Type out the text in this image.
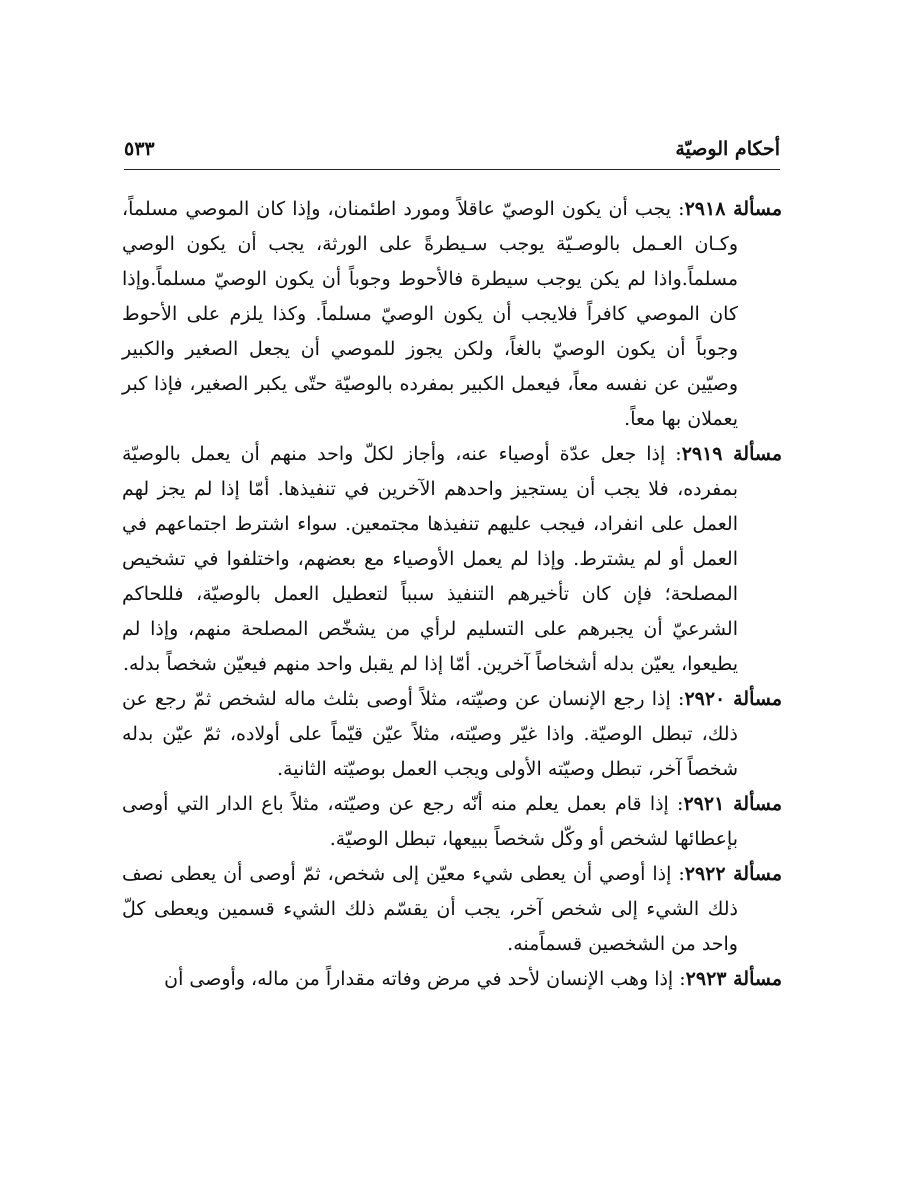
أحكام الوصيّة
٥٣٣

مسألة ٢٩١٨: يجب أن يكون الوصيّ عاقلاً ومورد اطئمنان، وإذا كان الموصي مسلماً، وكـان العـمل بالوصـيّة يوجب سـيطرةً على الورثة، يجب أن يكون الوصي مسلماً.واذا لم يكن يوجب سيطرة فالأحوط وجوباً أن يكون الوصيّ مسلماً.وإذا كان الموصي كافراً فلايجب أن يكون الوصيّ مسلماً. وكذا يلزم على الأحوط وجوباً أن يكون الوصيّ بالغاً، ولكن يجوز للموصي أن يجعل الصغير والكبير وصيّين عن نفسه معاً، فيعمل الكبير بمفرده بالوصيّة حتّى يكبر الصغير، فإذا كبر يعملان بها معاً.

مسألة ٢٩١٩: إذا جعل عدّة أوصياء عنه، وأجاز لكلّ واحد منهم أن يعمل بالوصيّة بمفرده، فلا يجب أن يستجيز واحدهم الآخرين في تنفيذها. أمّا إذا لم يجز لهم العمل على انفراد، فيجب عليهم تنفيذها مجتمعين. سواء اشترط اجتماعهم في العمل أو لم يشترط. وإذا لم يعمل الأوصياء مع بعضهم، واختلفوا في تشخيص المصلحة؛ فإن كان تأخيرهم التنفيذ سبباً لتعطيل العمل بالوصيّة، فللحاكم الشرعيّ أن يجبرهم على التسليم لرأي من يشخّص المصلحة منهم، وإذا لم يطيعوا، يعيّن بدله أشخاصاً آخرين. أمّا إذا لم يقبل واحد منهم فيعيّن شخصاً بدله.

مسألة ٢٩٢٠: إذا رجع الإنسان عن وصيّته، مثلاً أوصى بثلث ماله لشخص ثمّ رجع عن ذلك، تبطل الوصيّة. واذا غيّر وصيّته، مثلاً عيّن قيّماً على أولاده، ثمّ عيّن بدله شخصاً آخر، تبطل وصيّته الأولى ويجب العمل بوصيّته الثانية.

مسألة ٢٩٢١: إذا قام بعمل يعلم منه أنّه رجع عن وصيّته، مثلاً باع الدار التي أوصى بإعطائها لشخص أو وكّل شخصاً ببيعها، تبطل الوصيّة.

مسألة ٢٩٢٢: إذا أوصي أن يعطى شيء معيّن إلى شخص، ثمّ أوصى أن يعطى نصف ذلك الشيء إلى شخص آخر، يجب أن يقسّم ذلك الشيء قسمين ويعطى كلّ واحد من الشخصين قسماًمنه.

مسألة ٢٩٢٣: إذا وهب الإنسان لأحد في مرض وفاته مقداراً من ماله، وأوصى أن
